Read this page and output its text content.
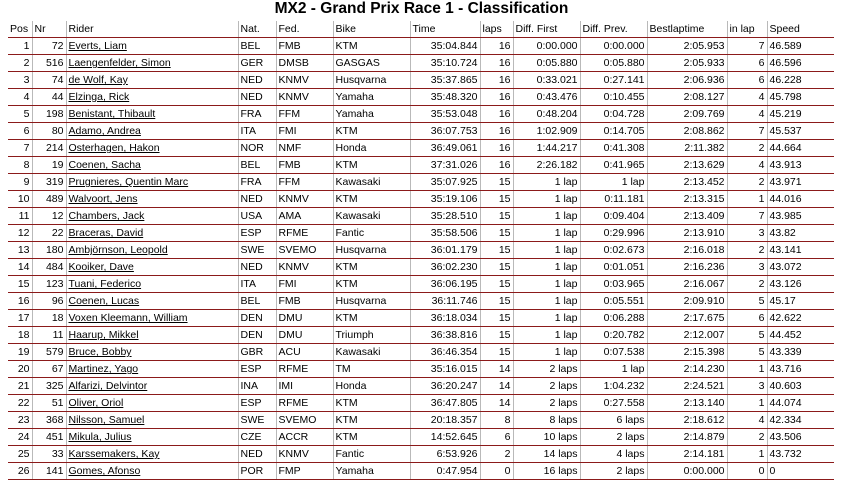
MX2 - Grand Prix Race 1 - Classification
Pos	Nr	Rider	Nat.	Fed.	Bike	Time	laps	Diff. First	Diff. Prev.	Bestlaptime	in lap	Speed
1	72	Everts, Liam	BEL	FMB	KTM	35:04.844	16	0:00.000	0:00.000	2:05.953	7	46.589
2	516	Laengenfelder, Simon	GER	DMSB	GASGAS	35:10.724	16	0:05.880	0:05.880	2:05.933	6	46.596
3	74	de Wolf, Kay	NED	KNMV	Husqvarna	35:37.865	16	0:33.021	0:27.141	2:06.936	6	46.228
4	44	Elzinga, Rick	NED	KNMV	Yamaha	35:48.320	16	0:43.476	0:10.455	2:08.127	4	45.798
5	198	Benistant, Thibault	FRA	FFM	Yamaha	35:53.048	16	0:48.204	0:04.728	2:09.769	4	45.219
6	80	Adamo, Andrea	ITA	FMI	KTM	36:07.753	16	1:02.909	0:14.705	2:08.862	7	45.537
7	214	Osterhagen, Hakon	NOR	NMF	Honda	36:49.061	16	1:44.217	0:41.308	2:11.382	2	44.664
8	19	Coenen, Sacha	BEL	FMB	KTM	37:31.026	16	2:26.182	0:41.965	2:13.629	4	43.913
9	319	Prugnieres, Quentin Marc	FRA	FFM	Kawasaki	35:07.925	15	1 lap	1 lap	2:13.452	2	43.971
10	489	Walvoort, Jens	NED	KNMV	KTM	35:19.106	15	1 lap	0:11.181	2:13.315	1	44.016
11	12	Chambers, Jack	USA	AMA	Kawasaki	35:28.510	15	1 lap	0:09.404	2:13.409	7	43.985
12	22	Braceras, David	ESP	RFME	Fantic	35:58.506	15	1 lap	0:29.996	2:13.910	3	43.82
13	180	Ambjörnson, Leopold	SWE	SVEMO	Husqvarna	36:01.179	15	1 lap	0:02.673	2:16.018	2	43.141
14	484	Kooiker, Dave	NED	KNMV	KTM	36:02.230	15	1 lap	0:01.051	2:16.236	3	43.072
15	123	Tuani, Federico	ITA	FMI	KTM	36:06.195	15	1 lap	0:03.965	2:16.067	2	43.126
16	96	Coenen, Lucas	BEL	FMB	Husqvarna	36:11.746	15	1 lap	0:05.551	2:09.910	5	45.17
17	18	Voxen Kleemann, William	DEN	DMU	KTM	36:18.034	15	1 lap	0:06.288	2:17.675	6	42.622
18	11	Haarup, Mikkel	DEN	DMU	Triumph	36:38.816	15	1 lap	0:20.782	2:12.007	5	44.452
19	579	Bruce, Bobby	GBR	ACU	Kawasaki	36:46.354	15	1 lap	0:07.538	2:15.398	5	43.339
20	67	Martinez, Yago	ESP	RFME	TM	35:16.015	14	2 laps	1 lap	2:14.230	1	43.716
21	325	Alfarizi, Delvintor	INA	IMI	Honda	36:20.247	14	2 laps	1:04.232	2:24.521	3	40.603
22	51	Oliver, Oriol	ESP	RFME	KTM	36:47.805	14	2 laps	0:27.558	2:13.140	1	44.074
23	368	Nilsson, Samuel	SWE	SVEMO	KTM	20:18.357	8	8 laps	6 laps	2:18.612	4	42.334
24	451	Mikula, Julius	CZE	ACCR	KTM	14:52.645	6	10 laps	2 laps	2:14.879	2	43.506
25	33	Karssemakers, Kay	NED	KNMV	Fantic	6:53.926	2	14 laps	4 laps	2:14.181	1	43.732
26	141	Gomes, Afonso	POR	FMP	Yamaha	0:47.954	0	16 laps	2 laps	0:00.000	0	0
